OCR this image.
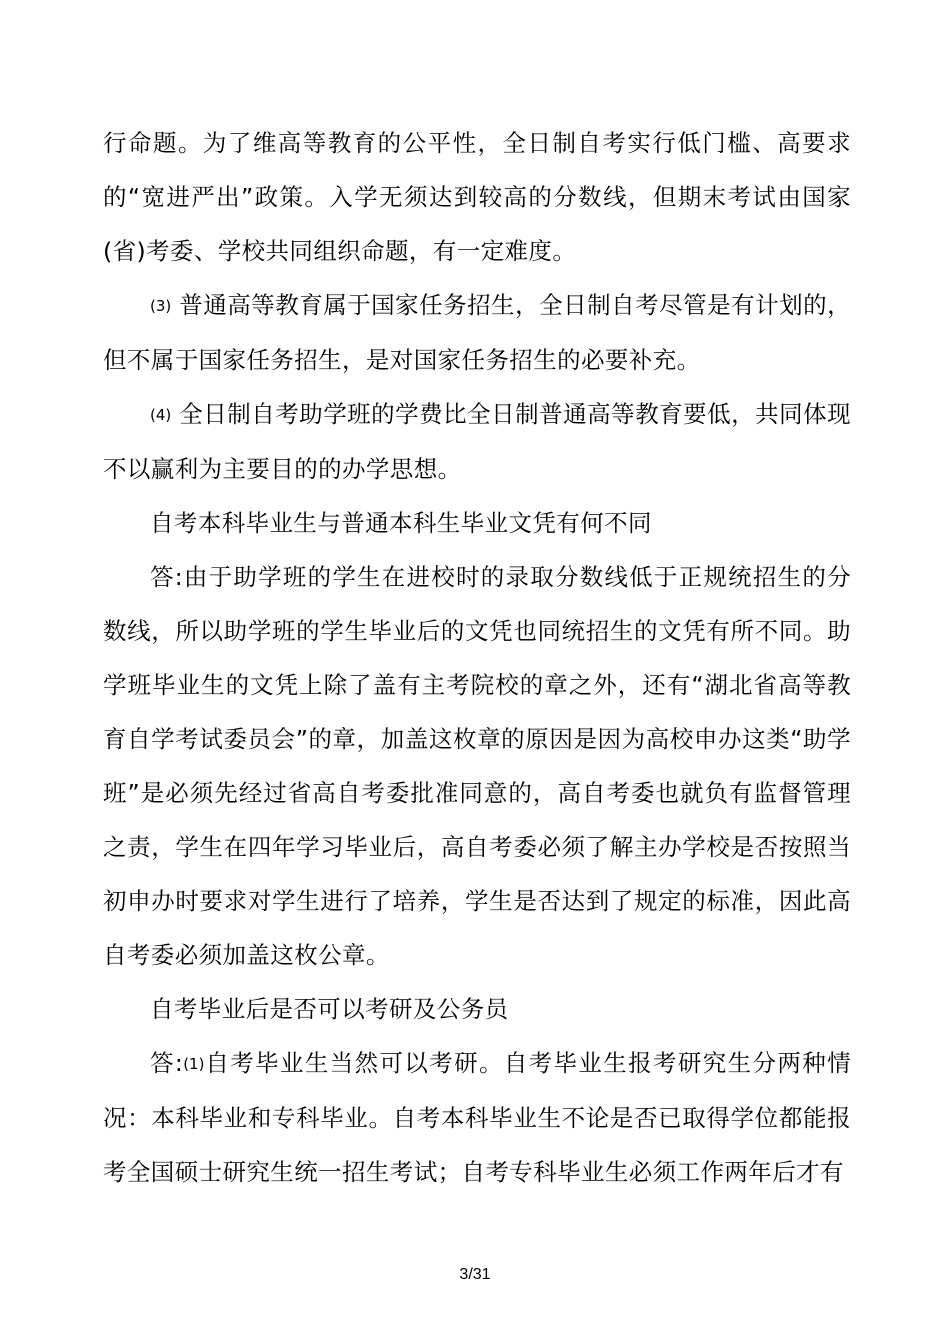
行命题。为了维高等教育的公平性，全日制自考实行低门槛、高要求的“宽进严出”政策。入学无须达到较高的分数线，但期末考试由国家(省)考委、学校共同组织命题，有一定难度。

(3) 普通高等教育属于国家任务招生，全日制自考尽管是有计划的，但不属于国家任务招生，是对国家任务招生的必要补充。

(4) 全日制自考助学班的学费比全日制普通高等教育要低，共同体现不以赢利为主要目的的办学思想。

自考本科毕业生与普通本科生毕业文凭有何不同

答:由于助学班的学生在进校时的录取分数线低于正规统招生的分数线，所以助学班的学生毕业后的文凭也同统招生的文凭有所不同。助学班毕业生的文凭上除了盖有主考院校的章之外，还有“湖北省高等教育自学考试委员会”的章，加盖这枚章的原因是因为高校申办这类“助学班”是必须先经过省高自考委批准同意的，高自考委也就负有监督管理之责，学生在四年学习毕业后，高自考委必须了解主办学校是否按照当初申办时要求对学生进行了培养，学生是否达到了规定的标准，因此高自考委必须加盖这枚公章。

自考毕业后是否可以考研及公务员

答:(1)自考毕业生当然可以考研。自考毕业生报考研究生分两种情况：本科毕业和专科毕业。自考本科毕业生不论是否已取得学位都能报考全国硕士研究生统一招生考试；自考专科毕业生必须工作两年后才有

3/31
